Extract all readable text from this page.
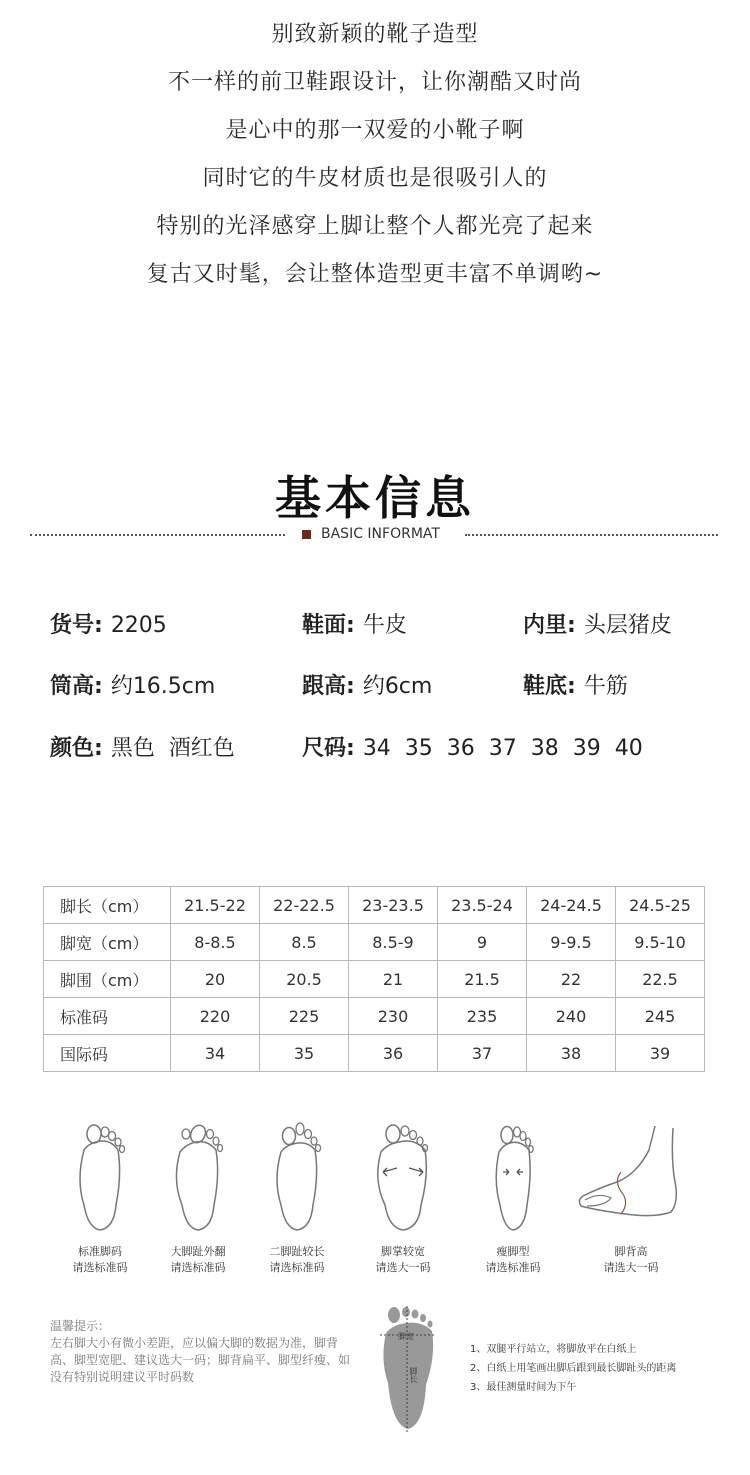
别致新颖的靴子造型
不一样的前卫鞋跟设计，让你潮酷又时尚
是心中的那一双爱的小靴子啊
同时它的牛皮材质也是很吸引人的
特别的光泽感穿上脚让整个人都光亮了起来
复古又时髦，会让整体造型更丰富不单调哟~
基本信息
BASIC INFORMAT
货号: 2205	鞋面: 牛皮	内里: 头层猪皮
筒高: 约16.5cm	跟高: 约6cm	鞋底: 牛筋
颜色: 黑色  酒红色	尺码: 34  35  36  37  38  39  40
脚长（cm）	21.5-22	22-22.5	23-23.5	23.5-24	24-24.5	24.5-25
脚宽（cm）	8-8.5	8.5	8.5-9	9	9-9.5	9.5-10
脚围（cm）	20	20.5	21	21.5	22	22.5
标准码	220	225	230	235	240	245
国际码	34	35	36	37	38	39
标准脚码
请选标准码
大脚趾外翻
请选标准码
二脚趾较长
请选标准码
脚掌较宽
请选大一码
瘦脚型
请选标准码
脚背高
请选大一码
温馨提示：
左右脚大小有微小差距，应以偏大脚的数据为准，脚背高、脚型宽肥、建议选大一码；脚背扁平、脚型纤瘦、如没有特别说明建议平时码数
脚宽
脚长
1、双腿平行站立，将脚放平在白纸上
2、白纸上用笔画出脚后跟到最长脚趾头的距离
3、最佳测量时间为下午
